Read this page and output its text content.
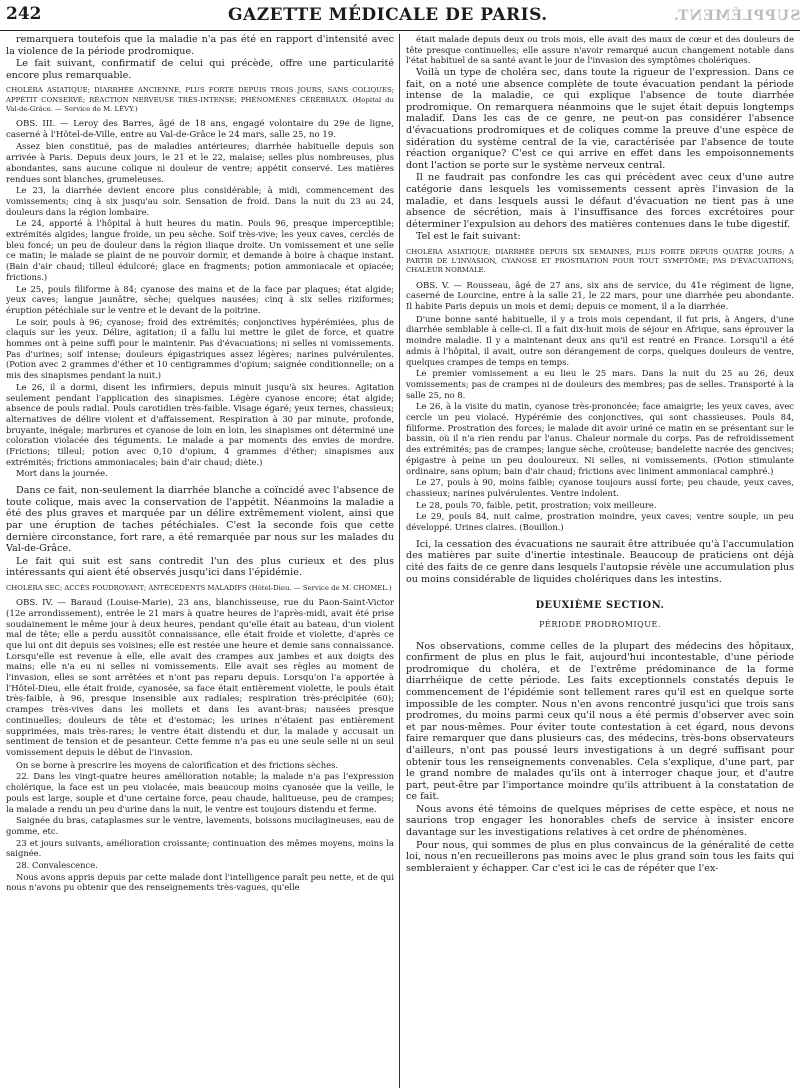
242	GAZETTE MÉDICALE DE PARIS.	SUPPLÉMENT.

remarquera toutefois que la maladie n'a pas été en rapport d'intensité avec la violence de la période prodromique.

Le fait suivant, confirmatif de celui qui précède, offre une particularité encore plus remarquable.

CHOLÉRA ASIATIQUE; DIARRHÉE ANCIENNE, PLUS FORTE DEPUIS TROIS JOURS, SANS COLIQUES; APPÉTIT CONSERVÉ; RÉACTION NERVEUSE TRÈS-INTENSE; PHÉNOMÈNES CÉRÉBRAUX. (Hopital du Val-de-Grâce. — Service de M. LÉVY.)

OBS. III. — Leroy des Barres, âgé de 18 ans, engagé volontaire du 29e de ligne, caserné à l'Hôtel-de-Ville, entre au Val-de-Grâce le 24 mars, salle 25, no 19.

Assez bien constitué, pas de maladies antérieures; diarrhée habituelle depuis son arrivée à Paris. Depuis deux jours, le 21 et le 22, malaise; selles plus nombreuses, plus abondantes, sans aucune colique ni douleur de ventre; appétit conservé. Les matières rendues sont blanches, grumeleuses.

Le 23, la diarrhée devient encore plus considérable; à midi, commencement des vomissements; cinq à six jusqu'au soir. Sensation de froid. Dans la nuit du 23 au 24, douleurs dans la région lombaire.

Le 24, apporté à l'hôpital à huit heures du matin. Pouls 96, presque imperceptible; extrémités algides; langue froide, un peu sèche. Soif très-vive; les yeux caves, cerclés de bleu foncé; un peu de douleur dans la région iliaque droite. Un vomissement et une selle ce matin; le malade se plaint de ne pouvoir dormir, et demande à boire à chaque instant. (Bain d'air chaud; tilleul édulcoré; glace en fragments; potion ammoniacale et opiacée; frictions.)

Le 25, pouls filiforme à 84; cyanose des mains et de la face par plaques; état algide; yeux caves; langue jaunâtre, sèche; quelques nausées; cinq à six selles riziformes; éruption pétéchiale sur le ventre et le devant de la poitrine.

Le soir, pouls à 96; cyanose; froid des extrémités; conjonctives hypérémiées, plus de claquis sur les yeux. Délire, agitation; il a fallu lui mettre le gilet de force, et quatre hommes ont à peine suffi pour le maintenir. Pas d'évacuations; ni selles ni vomissements. Pas d'urines; soif intense; douleurs épigastriques assez légères; narines pulvérulentes. (Potion avec 2 grammes d'éther et 10 centigrammes d'opium; saignée conditionnelle; on a mis des sinapismes pendant la nuit.)

Le 26, il a dormi, disent les infirmiers, depuis minuit jusqu'à six heures. Agitation seulement pendant l'application des sinapismes. Légère cyanose encore; état algide; absence de pouls radial. Pouls carotidien très-faible. Visage égaré; yeux ternes, chassieux; alternatives de délire violent et d'affaissement. Respiration à 30 par minute, profonde, bruyante, inégale; marbrures et cyanose de loin en loin, les sinapismes ont déterminé une coloration violacée des téguments. Le malade a par moments des envies de mordre. (Frictions; tilleul; potion avec 0,10 d'opium, 4 grammes d'éther; sinapismes aux extrémités; frictions ammoniacales; bain d'air chaud; diète.)

Mort dans la journée.

Dans ce fait, non-seulement la diarrhée blanche a coïncidé avec l'absence de toute colique, mais avec la conservation de l'appétit. Néanmoins la maladie a été des plus graves et marquée par un délire extrêmement violent, ainsi que par une éruption de taches pétéchiales. C'est la seconde fois que cette dernière circonstance, fort rare, a été remarquée par nous sur les malades du Val-de-Grâce.

Le fait qui suit est sans contredit l'un des plus curieux et des plus intéressants qui aient été observés jusqu'ici dans l'épidémie.

CHOLÉRA SEC; ACCÈS FOUDROYANT; ANTÉCÉDENTS MALADIFS (Hôtel-Dieu. — Service de M. CHOMEL.)

OBS. IV. — Baraud (Louise-Marie), 23 ans, blanchisseuse, rue du Paon-Saint-Victor (12e arrondissement), entrée le 21 mars à quatre heures de l'après-midi, avait été prise soudainement le même jour à deux heures, pendant qu'elle était au bateau, d'un violent mal de tête; elle a perdu aussitôt connaissance, elle était froide et violette, d'après ce que lui ont dit depuis ses voisines; elle est restée une heure et demie sans connaissance. Lorsqu'elle est revenue à elle, elle avait des crampes aux jambes et aux doigts des mains; elle n'a eu ni selles ni vomissements. Elle avait ses règles au moment de l'invasion, elles se sont arrêtées et n'ont pas reparu depuis. Lorsqu'on l'a apportée à l'Hôtel-Dieu, elle était froide, cyanosée, sa face était entièrement violette, le pouls était très-faible, à 96, presque insensible aux radiales; respiration très-précipitée (60); crampes très-vives dans les mollets et dans les avant-bras; nausées presque continuelles; douleurs de tête et d'estomac; les urines n'étaient pas entièrement supprimées, mais très-rares; le ventre était distendu et dur, la malade y accusait un sentiment de tension et de pesanteur. Cette femme n'a pas eu une seule selle ni un seul vomissement depuis le début de l'invasion.

On se borne à prescrire les moyens de calorification et des frictions sèches.

22. Dans les vingt-quatre heures amélioration notable; la malade n'a pas l'expression cholérique, la face est un peu violacée, mais beaucoup moins cyanosée que la veille, le pouls est large, souple et d'une certaine force, peau chaude, halitueuse, peu de crampes; la malade a rendu un peu d'urine dans la nuit, le ventre est toujours distendu et ferme.

Saignée du bras, cataplasmes sur le ventre, lavements, boissons mucilagineuses, eau de gomme, etc.

23 et jours suivants, amélioration croissante; continuation des mêmes moyens, moins la saignée.

28. Convalescence.

Nous avons appris depuis par cette malade dont l'intelligence paraît peu nette, et de qui nous n'avons pu obtenir que des renseignements très-vagues, qu'elle

était malade depuis deux ou trois mois, elle avait des maux de cœur et des douleurs de tête presque continuelles; elle assure n'avoir remarqué aucun changement notable dans l'état habituel de sa santé avant le jour de l'invasion des symptômes cholériques.

Voilà un type de choléra sec, dans toute la rigueur de l'expression. Dans ce fait, on a noté une absence complète de toute évacuation pendant la période intense de la maladie, ce qui explique l'absence de toute diarrhée prodromique. On remarquera néanmoins que le sujet était depuis longtemps maladif. Dans les cas de ce genre, ne peut-on pas considérer l'absence d'évacuations prodromiques et de coliques comme la preuve d'une espèce de sidération du système central de la vie, caractérisée par l'absence de toute réaction organique? C'est ce qui arrive en effet dans les empoisonnements dont l'action se porte sur le système nerveux central.

Il ne faudrait pas confondre les cas qui précèdent avec ceux d'une autre catégorie dans lesquels les vomissements cessent après l'invasion de la maladie, et dans lesquels aussi le défaut d'évacuation ne tient pas à une absence de sécrétion, mais à l'insuffisance des forces excrétoires pour déterminer l'expulsion au dehors des matières contenues dans le tube digestif.

Tel est le fait suivant:

CHOLÉRA ASIATIQUE; DIARRHÉE DEPUIS SIX SEMAINES, PLUS FORTE DEPUIS QUATRE JOURS; A PARTIR DE L'INVASION, CYANOSE ET PROSTRATION POUR TOUT SYMPTÔME; PAS D'ÉVACUATIONS; CHALEUR NORMALE.

OBS. V. — Rousseau, âgé de 27 ans, six ans de service, du 41e régiment de ligne, caserné de Lourcine, entre à la salle 21, le 22 mars, pour une diarrhée peu abondante. Il habite Paris depuis un mois et demi; depuis ce moment, il a la diarrhée.

D'une bonne santé habituelle, il y a trois mois cependant, il fut pris, à Angers, d'une diarrhée semblable à celle-ci. Il a fait dix-huit mois de séjour en Afrique, sans éprouver la moindre maladie. Il y a maintenant deux ans qu'il est rentré en France. Lorsqu'il a été admis à l'hôpital, il avait, outre son dérangement de corps, quelques douleurs de ventre, quelques crampes de temps en temps.

Le premier vomissement a eu lieu le 25 mars. Dans la nuit du 25 au 26, deux vomissements; pas de crampes ni de douleurs des membres; pas de selles. Transporté à la salle 25, no 8.

Le 26, à la visite du matin, cyanose très-prononcée; face amaigrie; les yeux caves, avec cercle un peu violacé. Hypérémie des conjonctives, qui sont chassieuses. Pouls 84, filiforme. Prostration des forces; le malade dit avoir uriné ce matin en se présentant sur le bassin, où il n'a rien rendu par l'anus. Chaleur normale du corps. Pas de refroidissement des extrémités; pas de crampes; langue sèche, croûteuse; bandelette nacrée des gencives; épigastre à peine un peu douloureux. Ni selles, ni vomissements. (Potion stimulante ordinaire, sans opium; bain d'air chaud; frictions avec liniment ammoniacal camphré.)

Le 27, pouls à 90, moins faible; cyanose toujours aussi forte; peu chaude, yeux caves, chassieux; narines pulvérulentes. Ventre indolent.

Le 28, pouls 70, faible, petit, prostration; voix meilleure.

Le 29, pouls 84, nuit calme, prostration moindre, yeux caves; ventre souple, un peu développé. Urines claires. (Bouillon.)

Ici, la cessation des évacuations ne saurait être attribuée qu'à l'accumulation des matières par suite d'inertie intestinale. Beaucoup de praticiens ont déjà cité des faits de ce genre dans lesquels l'autopsie révèle une accumulation plus ou moins considérable de liquides cholériques dans les intestins.

DEUXIÈME SECTION.

PÉRIODE PRODROMIQUE.

Nos observations, comme celles de la plupart des médecins des hôpitaux, confirment de plus en plus le fait, aujourd'hui incontestable, d'une période prodromique du choléra, et de l'extrême prédominance de la forme diarrhéique de cette période. Les faits exceptionnels constatés depuis le commencement de l'épidémie sont tellement rares qu'il est en quelque sorte impossible de les compter. Nous n'en avons rencontré jusqu'ici que trois sans prodromes, du moins parmi ceux qu'il nous a été permis d'observer avec soin et par nous-mêmes. Pour éviter toute contestation à cet égard, nous devons faire remarquer que dans plusieurs cas, des médecins, très-bons observateurs d'ailleurs, n'ont pas poussé leurs investigations à un degré suffisant pour obtenir tous les renseignements convenables. Cela s'explique, d'une part, par le grand nombre de malades qu'ils ont à interroger chaque jour, et d'autre part, peut-être par l'importance moindre qu'ils attribuent à la constatation de ce fait.

Nous avons été témoins de quelques méprises de cette espèce, et nous ne saurions trop engager les honorables chefs de service à insister encore davantage sur les investigations relatives à cet ordre de phénomènes.

Pour nous, qui sommes de plus en plus convaincus de la généralité de cette loi, nous n'en recueillerons pas moins avec le plus grand soin tous les faits qui sembleraient y échapper. Car c'est ici le cas de répéter que l'ex-
